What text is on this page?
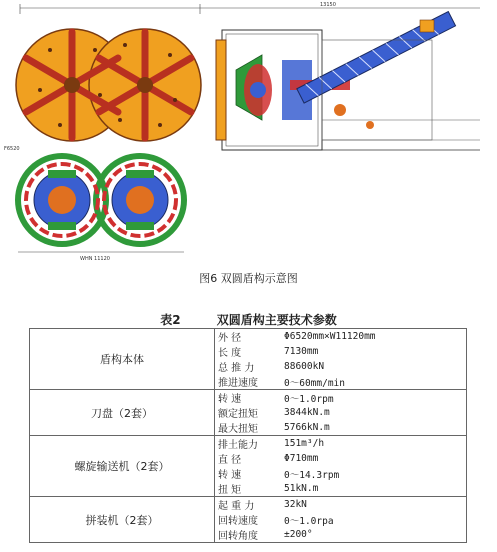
WHN 11120
F6520
13150
图6 双圆盾构示意图
表2	双圆盾构主要技术参数
盾构本体	外 径	Φ6520mm×W11120mm
	长 度	7130mm
	总 推 力	88600kN
	推进速度	0～60mm/min
刀盘（2套）	转 速	0～1.0rpm
	额定扭矩	3844kN.m
	最大扭矩	5766kN.m
螺旋输送机（2套）	排土能力	151m³/h
	直 径	Φ710mm
	转 速	0～14.3rpm
	扭 矩	51kN.m
拼装机（2套）	起 重 力	32kN
	回转速度	0～1.0rpa
	回转角度	±200°
